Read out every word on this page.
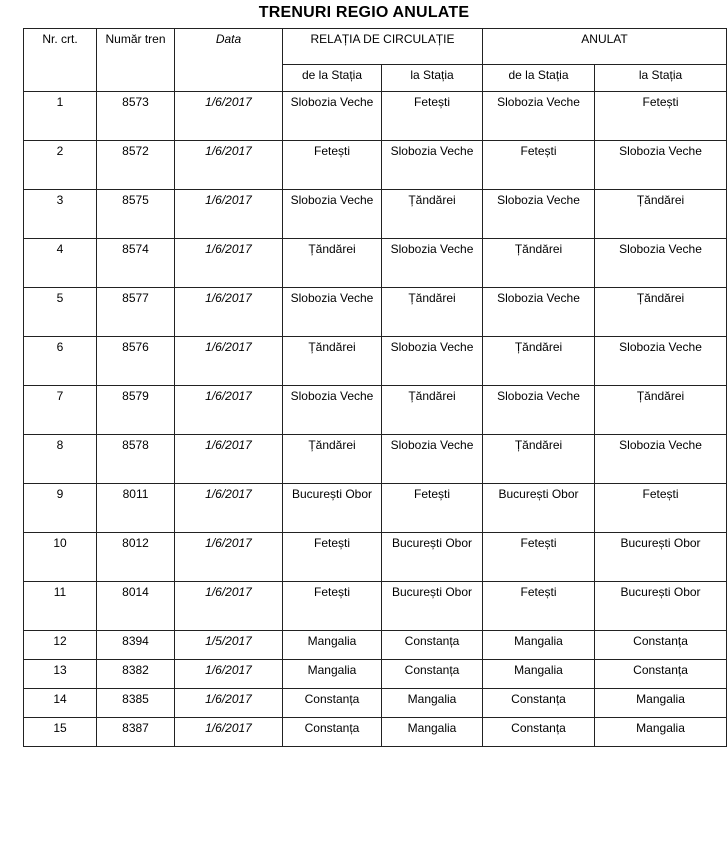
TRENURI REGIO ANULATE
Nr. crt.	Număr tren	Data	RELAȚIA DE CIRCULAȚIE		ANULAT	
			de la Stația	la Stația	de la Stația	la Stația
1	8573	1/6/2017	Slobozia Veche	Fetești	Slobozia Veche	Fetești
2	8572	1/6/2017	Fetești	Slobozia Veche	Fetești	Slobozia Veche
3	8575	1/6/2017	Slobozia Veche	Țăndărei	Slobozia Veche	Țăndărei
4	8574	1/6/2017	Țăndărei	Slobozia Veche	Țăndărei	Slobozia Veche
5	8577	1/6/2017	Slobozia Veche	Țăndărei	Slobozia Veche	Țăndărei
6	8576	1/6/2017	Țăndărei	Slobozia Veche	Țăndărei	Slobozia Veche
7	8579	1/6/2017	Slobozia Veche	Țăndărei	Slobozia Veche	Țăndărei
8	8578	1/6/2017	Țăndărei	Slobozia Veche	Țăndărei	Slobozia Veche
9	8011	1/6/2017	București Obor	Fetești	București Obor	Fetești
10	8012	1/6/2017	Fetești	București Obor	Fetești	București Obor
11	8014	1/6/2017	Fetești	București Obor	Fetești	București Obor
12	8394	1/5/2017	Mangalia	Constanța	Mangalia	Constanța
13	8382	1/6/2017	Mangalia	Constanța	Mangalia	Constanța
14	8385	1/6/2017	Constanța	Mangalia	Constanța	Mangalia
15	8387	1/6/2017	Constanța	Mangalia	Constanța	Mangalia
